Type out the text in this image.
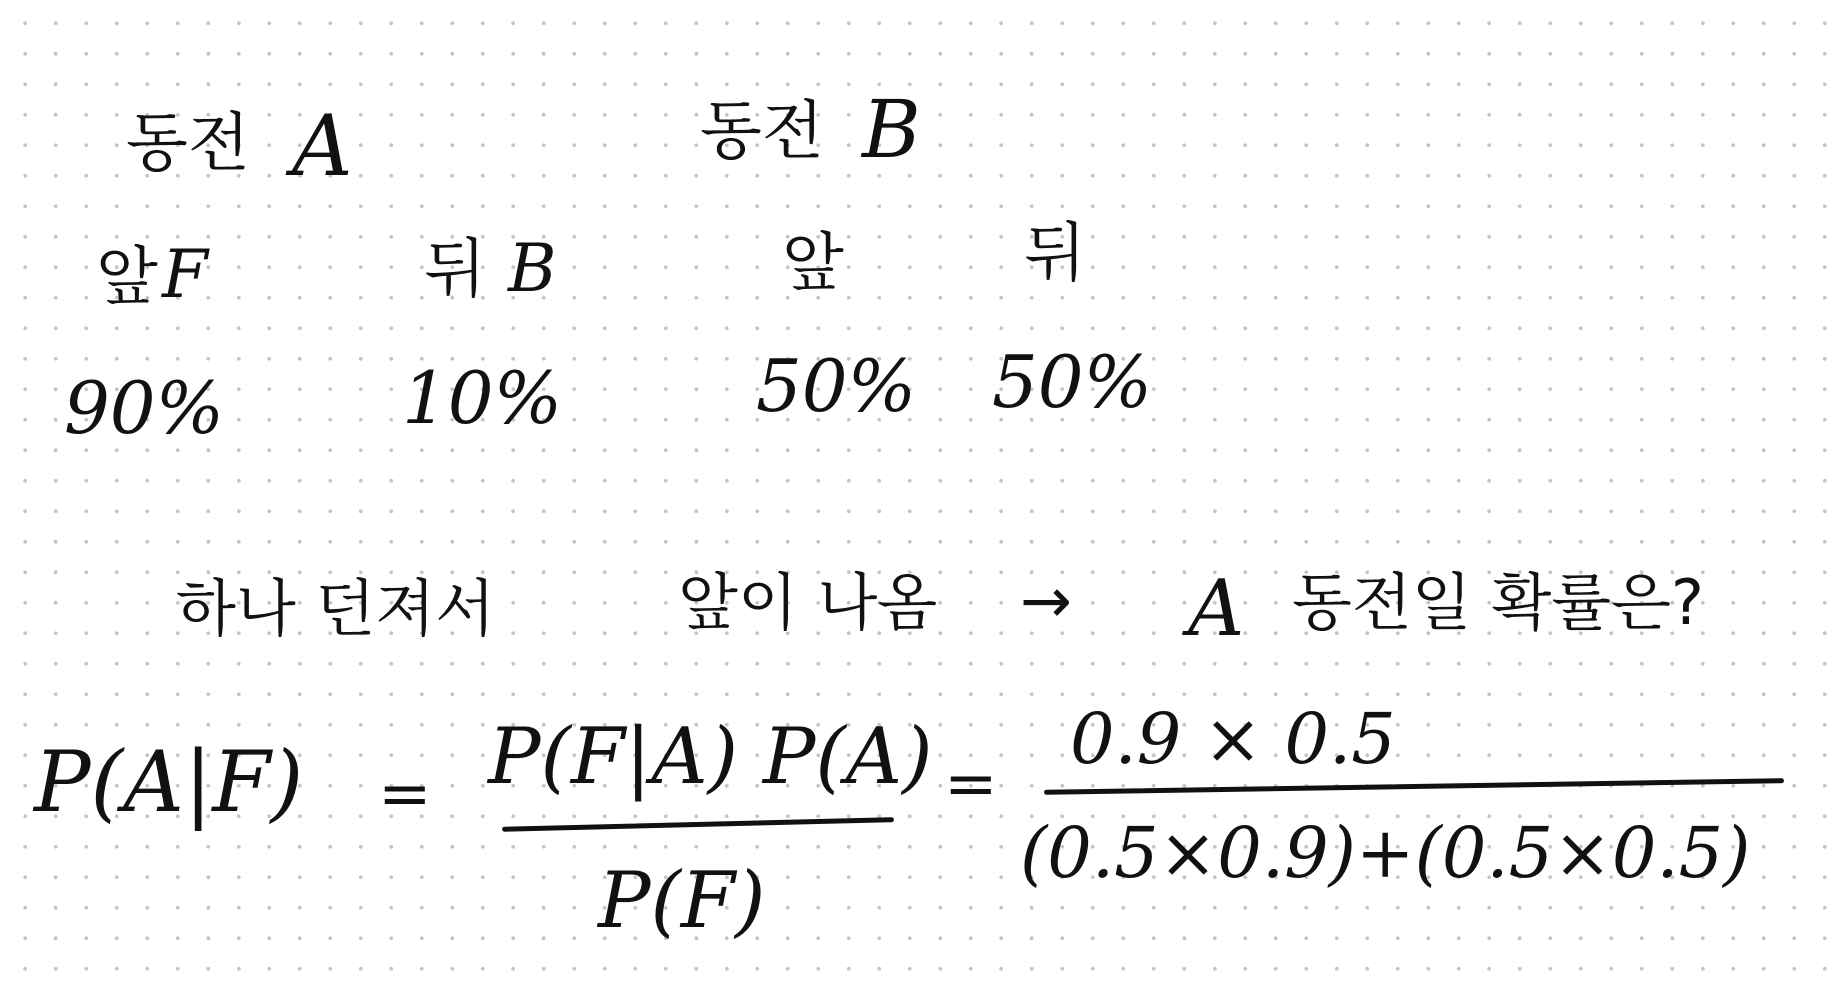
동전 A	동전 B
앞 F	뒤 B	앞	뒤
90% 10%	50% 50%
하나 던져서	앞이 나옴 → A 동전일 확률은?
P(A|F) = P(F|A) P(A)
P(F)
=
0.9 × 0.5
(0.5×0.9)+(0.5×0.5)
